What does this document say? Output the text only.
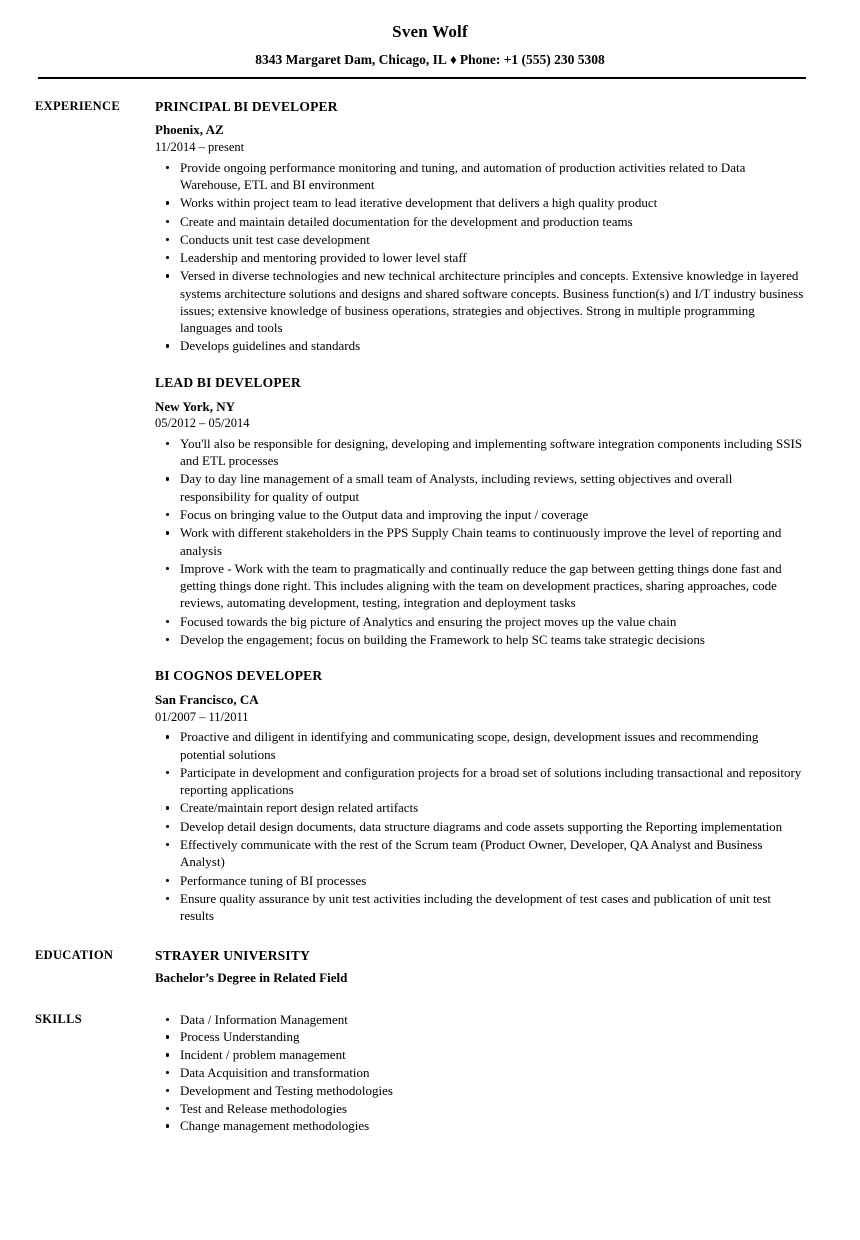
Sven Wolf
8343 Margaret Dam, Chicago, IL ♦ Phone: +1 (555) 230 5308
EXPERIENCE	PRINCIPAL BI DEVELOPER
Phoenix, AZ
11/2014 – present
Provide ongoing performance monitoring and tuning, and automation of production activities related to Data Warehouse, ETL and BI environment
Works within project team to lead iterative development that delivers a high quality product
Create and maintain detailed documentation for the development and production teams
Conducts unit test case development
Leadership and mentoring provided to lower level staff
Versed in diverse technologies and new technical architecture principles and concepts. Extensive knowledge in layered systems architecture solutions and designs and shared software concepts. Business function(s) and I/T industry business issues; extensive knowledge of business operations, strategies and objectives. Strong in multiple programming languages and tools
Develops guidelines and standards
LEAD BI DEVELOPER
New York, NY
05/2012 – 05/2014
You'll also be responsible for designing, developing and implementing software integration components including SSIS and ETL processes
Day to day line management of a small team of Analysts, including reviews, setting objectives and overall responsibility for quality of output
Focus on bringing value to the Output data and improving the input / coverage
Work with different stakeholders in the PPS Supply Chain teams to continuously improve the level of reporting and analysis
Improve - Work with the team to pragmatically and continually reduce the gap between getting things done fast and getting things done right. This includes aligning with the team on development practices, sharing approaches, code reviews, automating development, testing, integration and deployment tasks
Focused towards the big picture of Analytics and ensuring the project moves up the value chain
Develop the engagement; focus on building the Framework to help SC teams take strategic decisions
BI COGNOS DEVELOPER
San Francisco, CA
01/2007 – 11/2011
Proactive and diligent in identifying and communicating scope, design, development issues and recommending potential solutions
Participate in development and configuration projects for a broad set of solutions including transactional and repository reporting applications
Create/maintain report design related artifacts
Develop detail design documents, data structure diagrams and code assets supporting the Reporting implementation
Effectively communicate with the rest of the Scrum team (Product Owner, Developer, QA Analyst and Business Analyst)
Performance tuning of BI processes
Ensure quality assurance by unit test activities including the development of test cases and publication of unit test results
EDUCATION	STRAYER UNIVERSITY
Bachelor’s Degree in Related Field
SKILLS	Data / Information Management
Process Understanding
Incident / problem management
Data Acquisition and transformation
Development and Testing methodologies
Test and Release methodologies
Change management methodologies
